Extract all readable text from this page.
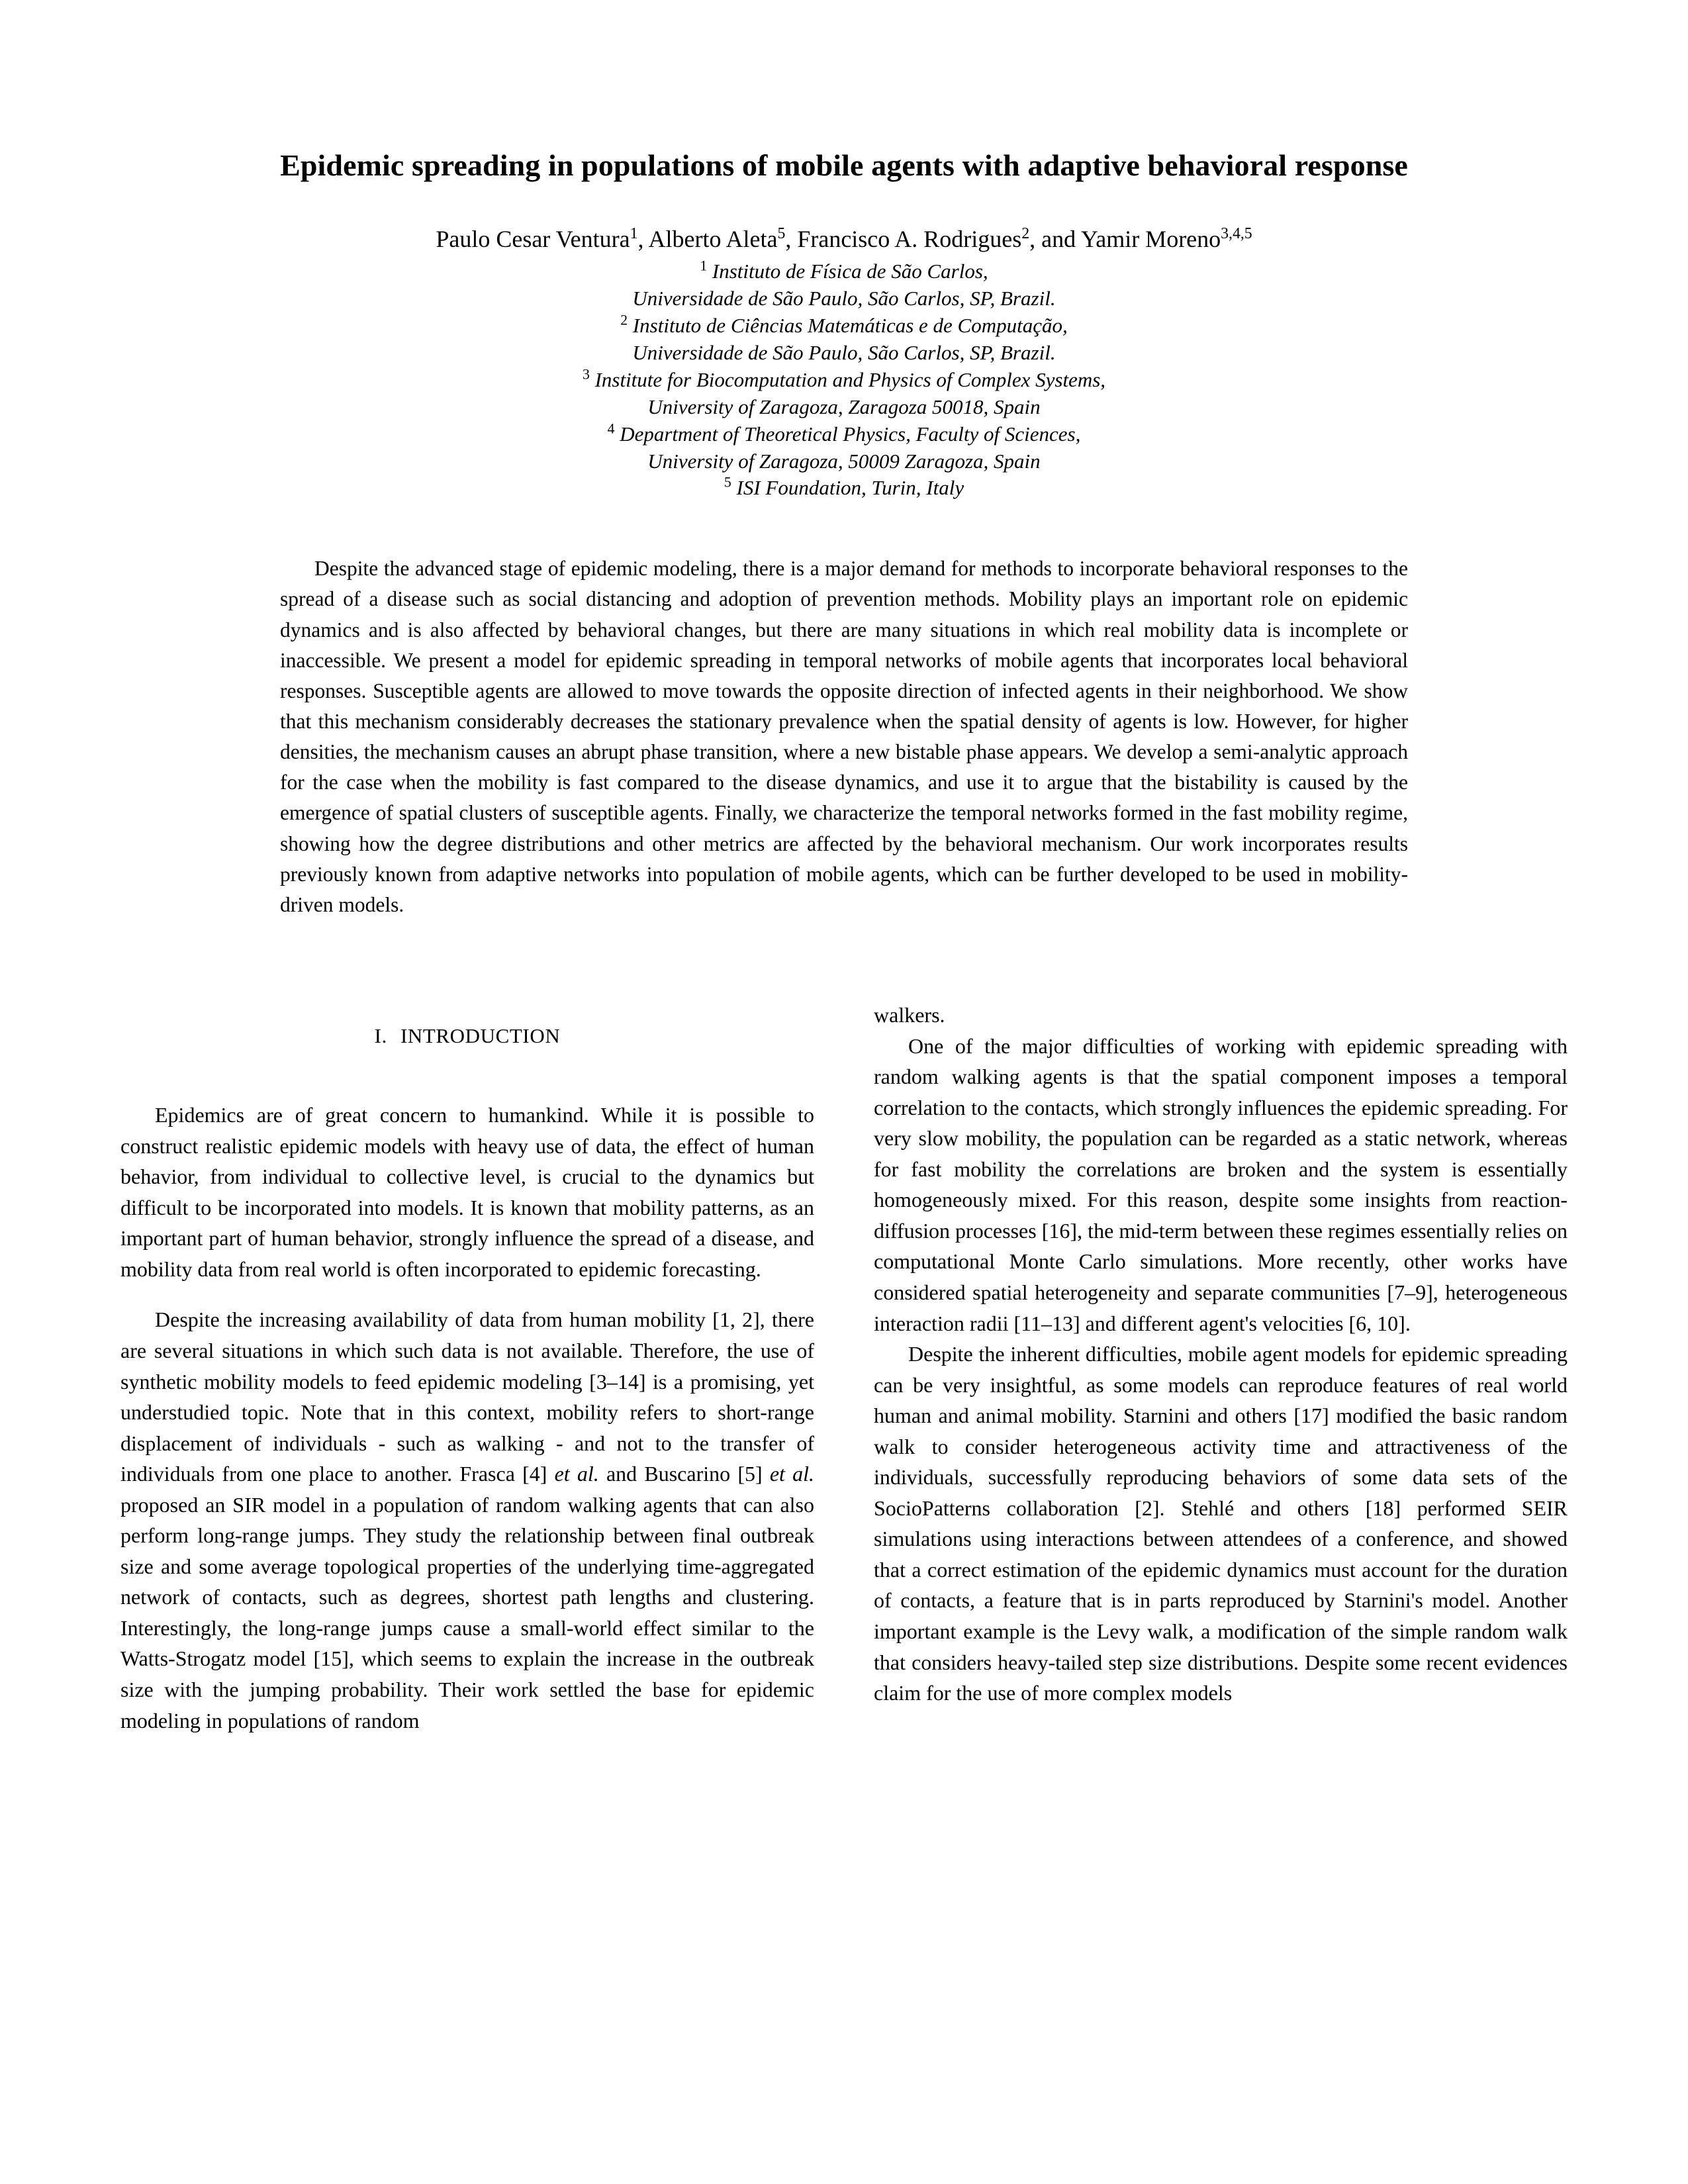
Epidemic spreading in populations of mobile agents with adaptive behavioral response
Paulo Cesar Ventura$^1$, Alberto Aleta$^5$, Francisco A. Rodrigues$^2$, and Yamir Moreno$^{3,4,5}$
$^1$ Instituto de Física de São Carlos,
Universidade de São Paulo, São Carlos, SP, Brazil.
$^2$ Instituto de Ciências Matemáticas e de Computação,
Universidade de São Paulo, São Carlos, SP, Brazil.
$^3$ Institute for Biocomputation and Physics of Complex Systems,
University of Zaragoza, Zaragoza 50018, Spain
$^4$ Department of Theoretical Physics, Faculty of Sciences,
University of Zaragoza, 50009 Zaragoza, Spain
$^5$ ISI Foundation, Turin, Italy
Despite the advanced stage of epidemic modeling, there is a major demand for methods to incorporate behavioral responses to the spread of a disease such as social distancing and adoption of prevention methods. Mobility plays an important role on epidemic dynamics and is also affected by behavioral changes, but there are many situations in which real mobility data is incomplete or inaccessible. We present a model for epidemic spreading in temporal networks of mobile agents that incorporates local behavioral responses. Susceptible agents are allowed to move towards the opposite direction of infected agents in their neighborhood. We show that this mechanism considerably decreases the stationary prevalence when the spatial density of agents is low. However, for higher densities, the mechanism causes an abrupt phase transition, where a new bistable phase appears. We develop a semi-analytic approach for the case when the mobility is fast compared to the disease dynamics, and use it to argue that the bistability is caused by the emergence of spatial clusters of susceptible agents. Finally, we characterize the temporal networks formed in the fast mobility regime, showing how the degree distributions and other metrics are affected by the behavioral mechanism. Our work incorporates results previously known from adaptive networks into population of mobile agents, which can be further developed to be used in mobility-driven models.
I. INTRODUCTION

Epidemics are of great concern to humankind. While it is possible to construct realistic epidemic models with heavy use of data, the effect of human behavior, from individual to collective level, is crucial to the dynamics but difficult to be incorporated into models. It is known that mobility patterns, as an important part of human behavior, strongly influence the spread of a disease, and mobility data from real world is often incorporated to epidemic forecasting.

Despite the increasing availability of data from human mobility [1, 2], there are several situations in which such data is not available. Therefore, the use of synthetic mobility models to feed epidemic modeling [3–14] is a promising, yet understudied topic. Note that in this context, mobility refers to short-range displacement of individuals - such as walking - and not to the transfer of individuals from one place to another. Frasca [4] et al. and Buscarino [5] et al. proposed an SIR model in a population of random walking agents that can also perform long-range jumps. They study the relationship between final outbreak size and some average topological properties of the underlying time-aggregated network of contacts, such as degrees, shortest path lengths and clustering. Interestingly, the long-range jumps cause a small-world effect similar to the Watts-Strogatz model [15], which seems to explain the increase in the outbreak size with the jumping probability. Their work settled the base for epidemic modeling in populations of random

walkers.

One of the major difficulties of working with epidemic spreading with random walking agents is that the spatial component imposes a temporal correlation to the contacts, which strongly influences the epidemic spreading. For very slow mobility, the population can be regarded as a static network, whereas for fast mobility the correlations are broken and the system is essentially homogeneously mixed. For this reason, despite some insights from reaction-diffusion processes [16], the mid-term between these regimes essentially relies on computational Monte Carlo simulations. More recently, other works have considered spatial heterogeneity and separate communities [7–9], heterogeneous interaction radii [11–13] and different agent's velocities [6, 10].

Despite the inherent difficulties, mobile agent models for epidemic spreading can be very insightful, as some models can reproduce features of real world human and animal mobility. Starnini and others [17] modified the basic random walk to consider heterogeneous activity time and attractiveness of the individuals, successfully reproducing behaviors of some data sets of the SocioPatterns collaboration [2]. Stehlé and others [18] performed SEIR simulations using interactions between attendees of a conference, and showed that a correct estimation of the epidemic dynamics must account for the duration of contacts, a feature that is in parts reproduced by Starnini's model. Another important example is the Levy walk, a modification of the simple random walk that considers heavy-tailed step size distributions. Despite some recent evidences claim for the use of more complex models
